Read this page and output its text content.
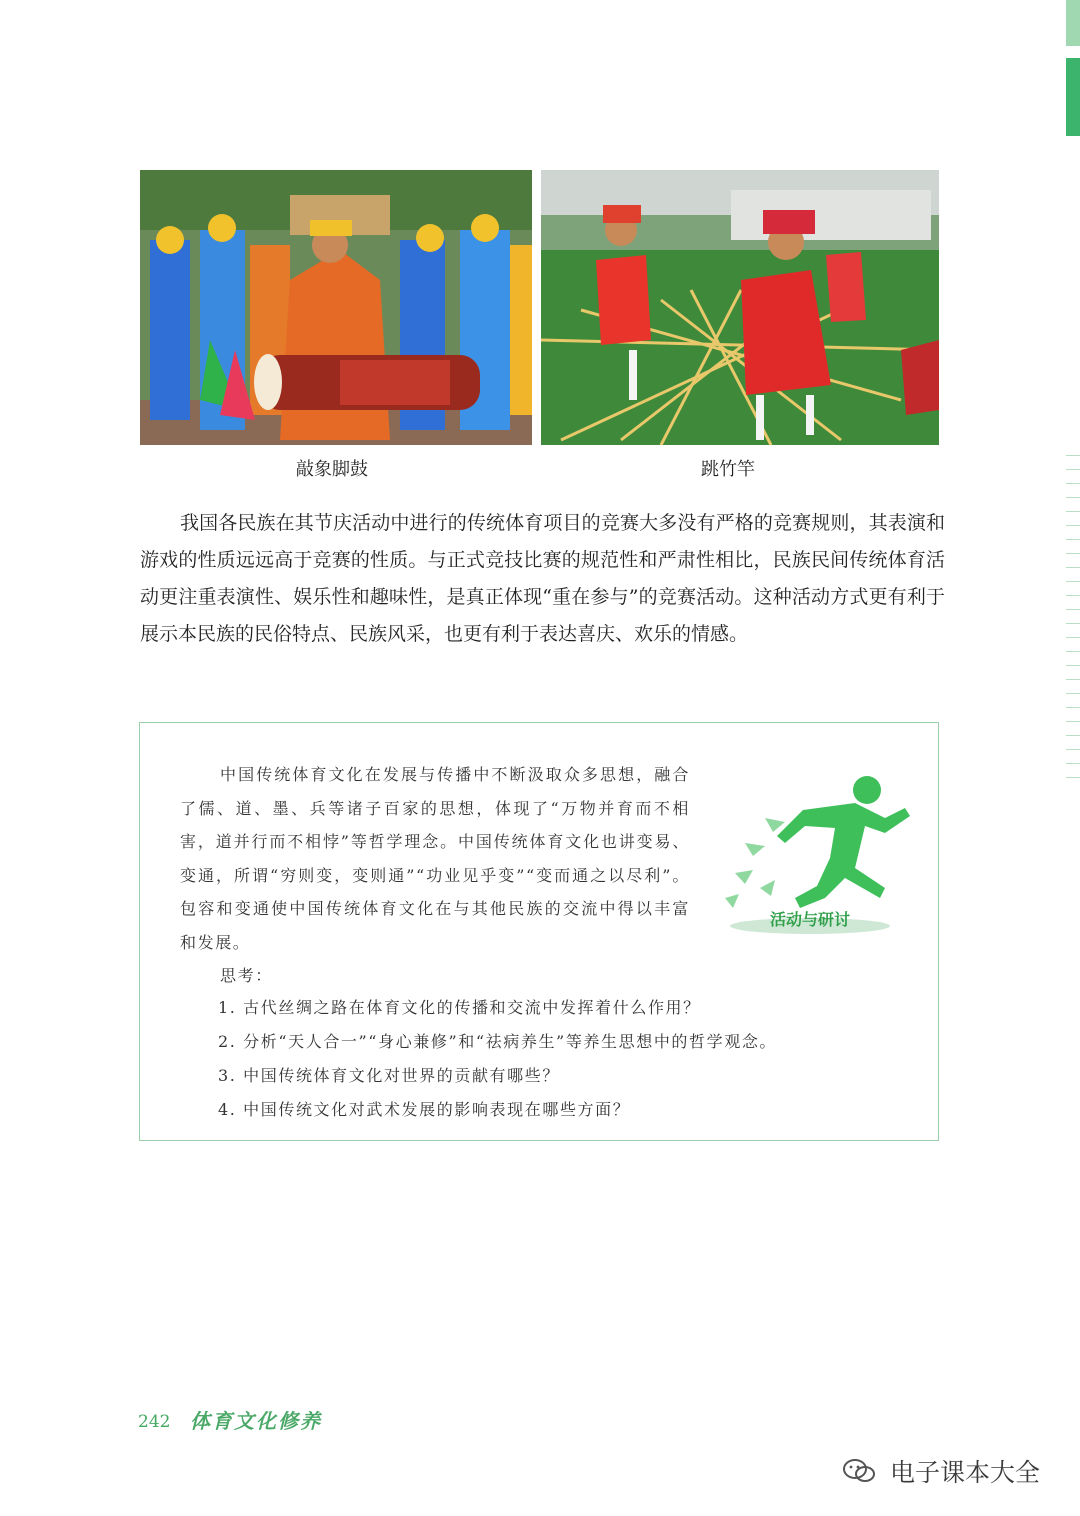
敲象脚鼓	跳竹竿

我国各民族在其节庆活动中进行的传统体育项目的竞赛大多没有严格的竞赛规则，其表演和游戏的性质远远高于竞赛的性质。与正式竞技比赛的规范性和严肃性相比，民族民间传统体育活动更注重表演性、娱乐性和趣味性，是真正体现“重在参与”的竞赛活动。这种活动方式更有利于展示本民族的民俗特点、民族风采，也更有利于表达喜庆、欢乐的情感。

中国传统体育文化在发展与传播中不断汲取众多思想，融合了儒、道、墨、兵等诸子百家的思想，体现了“万物并育而不相害，道并行而不相悖”等哲学理念。中国传统体育文化也讲变易、变通，所谓“穷则变，变则通”“功业见乎变”“变而通之以尽利”。包容和变通使中国传统体育文化在与其他民族的交流中得以丰富和发展。

思考：
1. 古代丝绸之路在体育文化的传播和交流中发挥着什么作用？
2. 分析“天人合一”“身心兼修”和“祛病养生”等养生思想中的哲学观念。
3. 中国传统体育文化对世界的贡献有哪些？
4. 中国传统文化对武术发展的影响表现在哪些方面？
活动与研讨
242 体育文化修养
电子课本大全
